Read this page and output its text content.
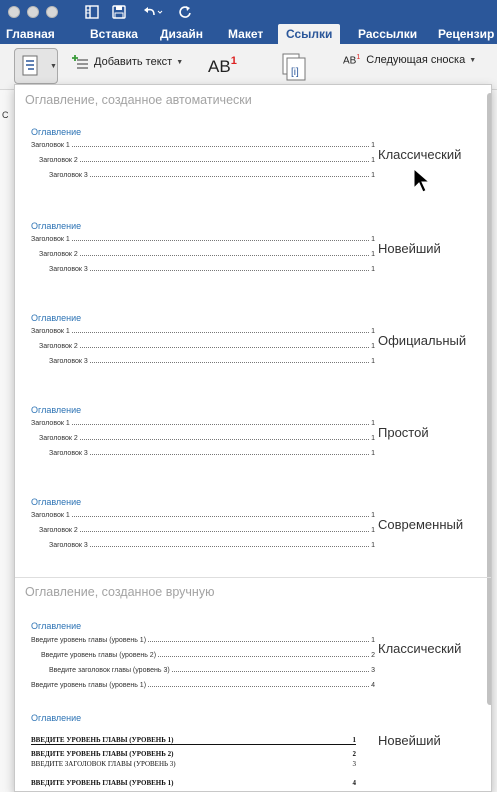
Главная	Вставка Дизайн Макет	Ссылки	Рассылки Рецензир
▼	Добавить текст ▼ $AB^1$
[i]
$AB^1$ Следующая сноска ▼
С
Оглавление, созданное автоматически
Оглавление
Заголовок 1	1
Заголовок 2	1
Заголовок 3	1
Классический
Оглавление
Заголовок 1	1
Заголовок 2	1
Заголовок 3	1
Новейший
Оглавление
Заголовок 1	1
Заголовок 2	1
Заголовок 3	1
Официальный
Оглавление
Заголовок 1	1
Заголовок 2	1
Заголовок 3	1
Простой
Оглавление
Заголовок 1	1
Заголовок 2	1
Заголовок 3	1
Современный
Оглавление, созданное вручную
Оглавление
Введите уровень главы (уровень 1)	1
Введите уровень главы (уровень 2)	2
Введите заголовок главы (уровень 3)	3
Введите уровень главы (уровень 1)	4
Классический
Оглавление
ВВЕДИТЕ УРОВЕНЬ ГЛАВЫ (УРОВЕНЬ 1)	1
ВВЕДИТЕ УРОВЕНЬ ГЛАВЫ (УРОВЕНЬ 2)	2
ВВЕДИТЕ ЗАГОЛОВОК ГЛАВЫ (УРОВЕНЬ 3)	3
ВВЕДИТЕ УРОВЕНЬ ГЛАВЫ (УРОВЕНЬ 1)	4
Новейший
